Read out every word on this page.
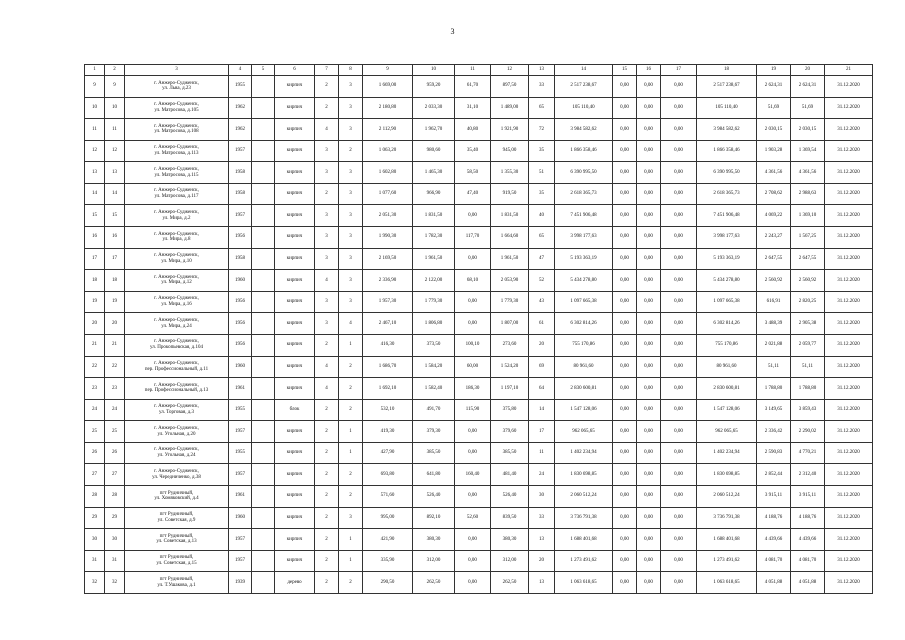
3
1	2	3	4	5	6	7	8	9	10	11	12	13	14	15	16	17	18	19	20	21
9	9	г. Анжеро-Судженск,
ул. Льва, д.23	1955		кирпич	2	3	1 669,00	959,20	61,70	897,50	33	2 517 238,67	0,00	0,00	0,00	2 517 238,67	2 624,31	2 624,31	31.12.2020
10	10	г. Анжеро-Судженск,
ул. Матросова, д.105	1962		кирпич	2	3	2 180,80	2 033,30	31,10	1 489,00	65	105 110,40	0,00	0,00	0,00	105 110,40	51,69	51,69	31.12.2020
11	11	г. Анжеро-Судженск,
ул. Матросова, д.108	1962		кирпич	4	3	2 112,90	1 962,70	40,80	1 921,90	72	3 984 582,62	0,00	0,00	0,00	3 984 582,62	2 030,15	2 030,15	31.12.2020
12	12	г. Анжеро-Судженск,
ул. Матросова, д.113	1957		кирпич	3	2	1 063,20	980,60	35,40	945,00	35	1 866 358,46	0,00	0,00	0,00	1 866 358,46	1 903,28	1 369,54	31.12.2020
13	13	г. Анжеро-Судженск,
ул. Матросова, д.115	1958		кирпич	3	3	1 602,80	1 465,30	58,50	1 355,30	51	6 390 995,50	0,00	0,00	0,00	6 390 995,50	4 361,56	4 361,56	31.12.2020
14	14	г. Анжеро-Судженск,
ул. Матросова, д.117	1958		кирпич	2	3	1 077,60	966,90	47,40	919,50	35	2 618 365,73	0,00	0,00	0,00	2 618 365,73	2 708,62	2 988,63	31.12.2020
15	15	г. Анжеро-Судженск,
ул. Мира, д.2	1957		кирпич	3	3	2 051,30	1 831,50	0,00	1 831,50	40	7 451 906,48	0,00	0,00	0,00	7 451 906,48	4 069,22	1 369,10	31.12.2020
16	16	г. Анжеро-Судженск,
ул. Мира, д.8	1956		кирпич	3	3	1 990,30	1 782,30	117,70	1 664,60	65	3 998 177,63	0,00	0,00	0,00	3 998 177,63	2 243,27	1 567,25	31.12.2020
17	17	г. Анжеро-Судженск,
ул. Мира, д.10	1958		кирпич	3	3	2 169,50	1 961,50	0,00	1 961,50	47	5 193 363,19	0,00	0,00	0,00	5 193 363,19	2 647,55	2 647,55	31.12.2020
18	18	г. Анжеро-Судженск,
ул. Мира, д.12	1960		кирпич	4	3	2 336,90	2 122,00	68,10	2 053,90	52	5 434 278,80	0,00	0,00	0,00	5 434 278,80	2 560,92	2 560,92	31.12.2020
19	19	г. Анжеро-Судженск,
ул. Мира, д.16	1956		кирпич	3	3	1 957,30	1 779,30	0,00	1 779,30	43	1 097 665,38	0,00	0,00	0,00	1 097 665,38	616,91	2 820,25	31.12.2020
20	20	г. Анжеро-Судженск,
ул. Мира, д.24	1956		кирпич	3	4	2 467,10	1 806,80	0,00	1 807,00	61	6 302 814,26	0,00	0,00	0,00	6 302 814,26	3 488,39	2 905,38	31.12.2020
21	21	г. Анжеро-Судженск,
ул. Прокопьевская, д.104	1956		кирпич	2	1	416,30	373,50	100,10	273,60	20	755 170,86	0,00	0,00	0,00	755 170,86	2 021,88	2 059,77	31.12.2020
22	22	г. Анжеро-Судженск,
пер. Профессиональный, д.11	1960		кирпич	4	2	1 686,70	1 584,20	60,00	1 524,20	69	80 961,60	0,00	0,00	0,00	80 961,60	51,11	51,11	31.12.2020
23	23	г. Анжеро-Судженск,
пер. Профессиональный, д.13	1961		кирпич	4	2	1 692,10	1 582,40	186,30	1 197,10	64	2 830 600,81	0,00	0,00	0,00	2 830 600,81	1 788,80	1 788,80	31.12.2020
24	24	г. Анжеро-Судженск,
ул. Торговая, д.3	1955		блок	2	2	532,10	491,70	115,90	375,80	14	1 547 128,06	0,00	0,00	0,00	1 547 128,06	3 149,65	3 859,43	31.12.2020
25	25	г. Анжеро-Судженск,
ул. Угольная, д.20	1957		кирпич	2	1	419,30	379,30	0,00	379,60	17	962 065,65	0,00	0,00	0,00	962 065,65	2 336,42	2 290,02	31.12.2020
26	26	г. Анжеро-Судженск,
ул. Угольная, д.24	1955		кирпич	2	1	427,90	385,50	0,00	385,50	11	1 402 234,94	0,00	0,00	0,00	1 402 234,94	2 590,83	4 770,21	31.12.2020
27	27	г. Анжеро-Судженск,
ул. Чередниченко, д.38	1957		кирпич	2	2	693,80	641,80	160,40	481,40	24	1 830 698,85	0,00	0,00	0,00	1 830 698,85	2 852,44	2 312,40	31.12.2020
28	28	пгт Рудничный,
ул. Хомяковский, д.4	1961		кирпич	2	2	571,60	526,40	0,00	526,40	30	2 060 512,24	0,00	0,00	0,00	2 060 512,24	3 915,11	3 915,11	31.12.2020
29	29	пгт Рудничный,
ул. Советская, д.9	1960		кирпич	2	3	995,00	892,10	52,60	839,50	33	3 736 791,38	0,00	0,00	0,00	3 736 791,38	4 188,76	4 188,76	31.12.2020
30	30	пгт Рудничный,
ул. Советская, д.13	1957		кирпич	2	1	421,90	380,30	0,00	380,30	13	1 688 401,68	0,00	0,00	0,00	1 688 401,68	4 439,66	4 439,66	31.12.2020
31	31	пгт Рудничный,
ул. Советская, д.15	1957		кирпич	2	1	335,90	312,00	0,00	312,00	20	1 273 491,62	0,00	0,00	0,00	1 273 491,62	4 081,70	4 081,70	31.12.2020
32	32	пгт Рудничный,
ул. Т.Ушакова, д.1	1939		дерево	2	2	290,50	262,50	0,00	262,50	13	1 063 618,65	0,00	0,00	0,00	1 063 618,65	4 051,88	4 051,88	31.12.2020
